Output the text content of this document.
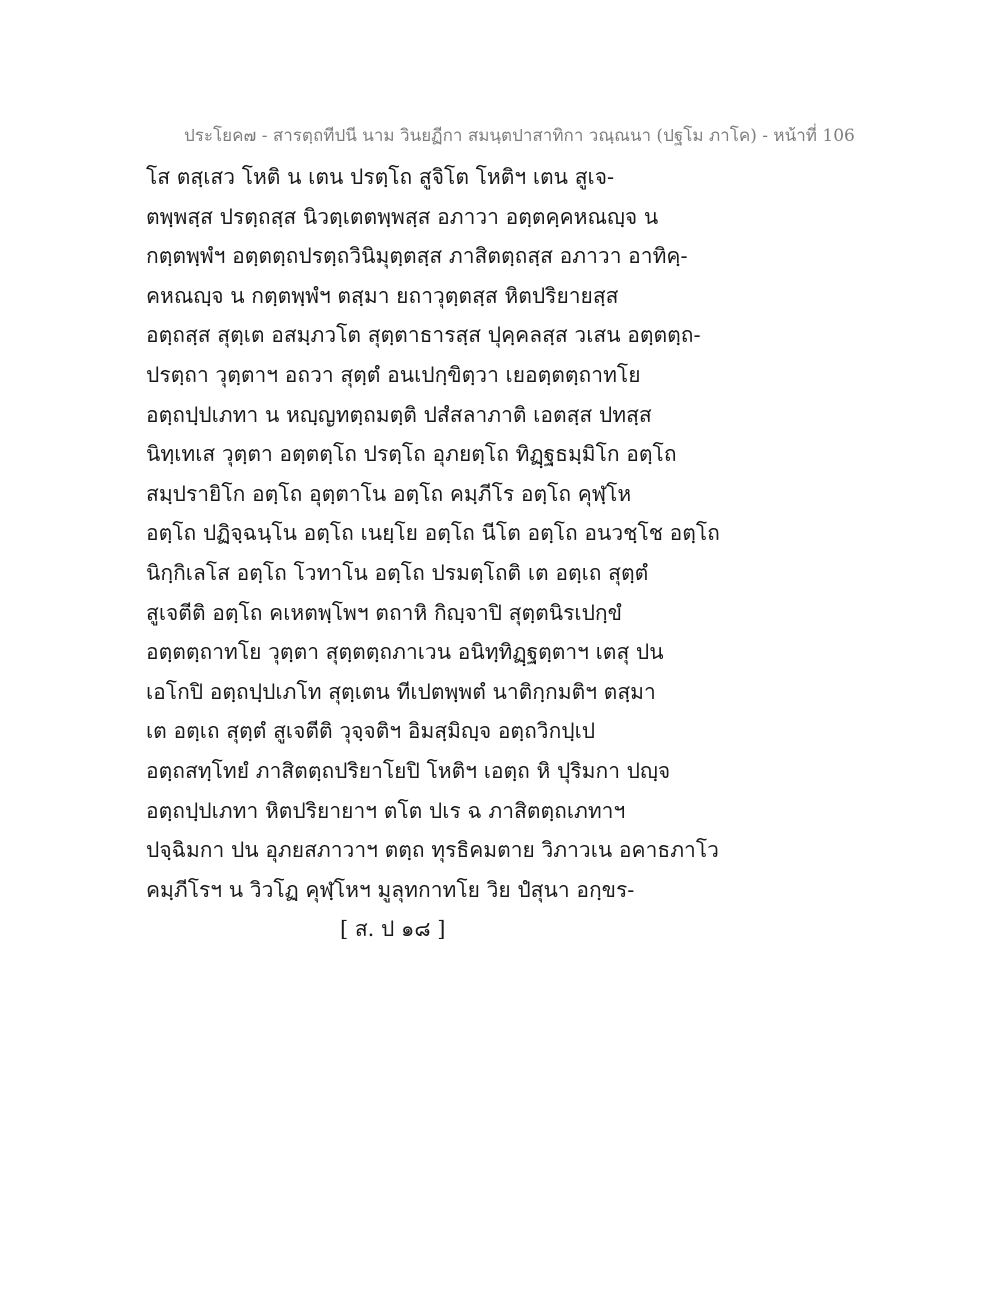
ประโยค๗ - สารตฺถทีปนี นาม วินยฏีกา สมนฺตปาสาทิกา วณฺณนา (ปฐโม ภาโค) - หน้าที่ 106
โส ตสฺเสว โหติ น เตน ปรตฺโถ สูจิโต โหติฯ เตน สูเจ-
ตพฺพสฺส ปรตฺถสฺส นิวตฺเตตพฺพสฺส อภาวา อตฺตคฺคหณญฺจ น
กตฺตพฺพํฯ อตฺตตฺถปรตฺถวินิมุตฺตสฺส ภาสิตตฺถสฺส อภาวา อาทิคฺ-
คหณญฺจ น กตฺตพฺพํฯ ตสฺมา ยถาวุตฺตสฺส หิตปริยายสฺส
อตฺถสฺส สุตฺเต อสมฺภวโต สุตฺตาธารสฺส ปุคฺคลสฺส วเสน อตฺตตฺถ-
ปรตฺถา วุตฺตาฯ อถวา สุตฺตํ อนเปกฺขิตฺวา เยอตฺตตฺถาทโย
อตฺถปฺปเภทา น หญฺญทตฺถมตฺติ ปสํสลาภาติ เอตสฺส ปทสฺส
นิทฺเทเส วุตฺตา อตฺตตฺโถ ปรตฺโถ อุภยตฺโถ ทิฏฺฐธมฺมิโก อตฺโถ
สมฺปรายิโก อตฺโถ อุตฺตาโน อตฺโถ คมฺภีโร อตฺโถ คุฬฺโห
อตฺโถ ปฏิจฺฉนฺโน อตฺโถ เนยฺโย อตฺโถ นีโต อตฺโถ อนวชฺโช อตฺโถ
นิกฺกิเลโส อตฺโถ โวทาโน อตฺโถ ปรมตฺโถติ เต อตฺเถ สุตฺตํ
สูเจตีติ อตฺโถ คเหตพฺโพฯ ตถาหิ กิญฺจาปิ สุตฺตนิรเปกฺขํ
อตฺตตฺถาทโย วุตฺตา สุตฺตตฺถภาเวน อนิทฺทิฏฺฐตฺตาฯ เตสุ ปน
เอโกปิ อตฺถปฺปเภโท สุตฺเตน ทีเปตพฺพตํ นาติกฺกมติฯ ตสฺมา
เต อตฺเถ สุตฺตํ สูเจตีติ วุจฺจติฯ อิมสฺมิญฺจ อตฺถวิกปฺเป
อตฺถสทฺโทยํ ภาสิตตฺถปริยาโยปิ โหติฯ เอตฺถ หิ ปุริมกา ปญฺจ
อตฺถปฺปเภทา หิตปริยายาฯ ตโต ปเร ฉ ภาสิตตฺถเภทาฯ
ปจฺฉิมกา ปน อุภยสภาวาฯ ตตฺถ ทุรธิคมตาย วิภาวเน อคาธภาโว
คมฺภีโรฯ น วิวโฏ คุฬฺโหฯ มูลุทกาทโย วิย ปํสุนา อกฺขร-
[ ส. ป ๑๘ ]
